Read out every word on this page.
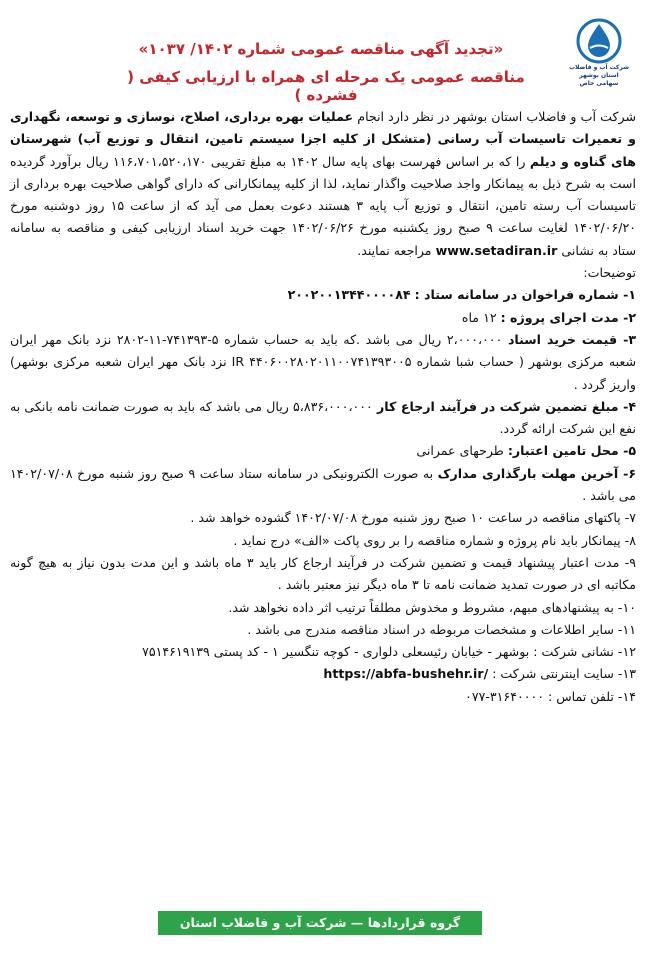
شرکت آب و فاضلاب استان بوشهر
سهامی خاص
«تجدید آگهی مناقصه عمومی شماره ۱۴۰۲/ ۱۰۳۷»
مناقصه عمومی یک مرحله ای همراه با ارزیابی کیفی ( فشرده )

شرکت آب و فاضلاب استان بوشهر در نظر دارد انجام عملیات بهره برداری، اصلاح، نوسازی و توسعه، نگهداری و تعمیرات تاسیسات آب رسانی (متشکل از کلیه اجزا سیستم تامین، انتقال و توزیع آب) شهرستان های گناوه و دیلم را که بر اساس فهرست بهای پایه سال ۱۴۰۲ به مبلغ تقریبی ۱۱۶،۷۰۱،۵۲۰،۱۷۰ ریال برآورد گردیده است به شرح ذیل به پیمانکار واجد صلاحیت واگذار نماید، لذا از کلیه پیمانکارانی که دارای گواهی صلاحیت بهره برداری از تاسیسات آب رسته تامین، انتقال و توزیع آب پایه ۳ هستند دعوت بعمل می آید که از ساعت ۱۵ روز دوشنبه مورخ ۱۴۰۲/۰۶/۲۰ لغایت ساعت ۹ صبح روز یکشنبه مورخ ۱۴۰۲/۰۶/۲۶ جهت خرید اسناد ارزیابی کیفی و مناقصه به سامانه ستاد به نشانی www.setadiran.ir مراجعه نمایند.

توضیحات:

۱- شماره فراخوان در سامانه ستاد : ۲۰۰۲۰۰۱۳۴۴۰۰۰۰۸۴

۲- مدت اجرای پروژه : ۱۲ ماه

۳- قیمت خرید اسناد ۲،۰۰۰،۰۰۰ ریال می باشد .که باید به حساب شماره ۵-۷۴۱۳۹۳-۱۱-۲۸۰۲ نزد بانک مهر ایران شعبه مرکزی بوشهر ( حساب شبا شماره IR ۴۴۰۶۰۰۲۸۰۲۰۱۱۰۰۷۴۱۳۹۳۰۰۵ نزد بانک مهر ایران شعبه مرکزی بوشهر) واریز گردد .

۴- مبلغ تضمین شرکت در فرآیند ارجاع کار ۵،۸۳۶،۰۰۰،۰۰۰ ریال می باشد که باید به صورت ضمانت نامه بانکی به نفع این شرکت ارائه گردد.

۵- محل تامین اعتبار: طرحهای عمرانی

۶- آخرین مهلت بارگذاری مدارک به صورت الکترونیکی در سامانه ستاد ساعت ۹ صبح روز شنبه مورخ ۱۴۰۲/۰۷/۰۸ می باشد .

۷- پاکتهای مناقصه در ساعت ۱۰ صبح روز شنبه مورخ ۱۴۰۲/۰۷/۰۸ گشوده خواهد شد .

۸- پیمانکار باید نام پروژه و شماره مناقصه را بر روی پاکت «الف» درج نماید .

۹- مدت اعتبار پیشنهاد قیمت و تضمین شرکت در فرآیند ارجاع کار باید ۳ ماه باشد و این مدت بدون نیاز به هیچ گونه مکاتبه ای در صورت تمدید ضمانت نامه تا ۳ ماه دیگر نیز معتبر باشد .

۱۰- به پیشنهادهای مبهم، مشروط و مخدوش مطلقاً ترتیب اثر داده نخواهد شد.

۱۱- سایر اطلاعات و مشخصات مربوطه در اسناد مناقصه مندرج می باشد .

۱۲- نشانی شرکت : بوشهر - خیابان رئیسعلی دلواری - کوچه تنگسیر ۱ - کد پستی ۷۵۱۴۶۱۹۱۳۹

۱۳- سایت اینترنتی شرکت : https://abfa-bushehr.ir/

۱۴- تلفن تماس : ۳۱۶۴۰۰۰۰-۰۷۷

گروه قراردادها — شرکت آب و فاضلاب استان بوشهر
